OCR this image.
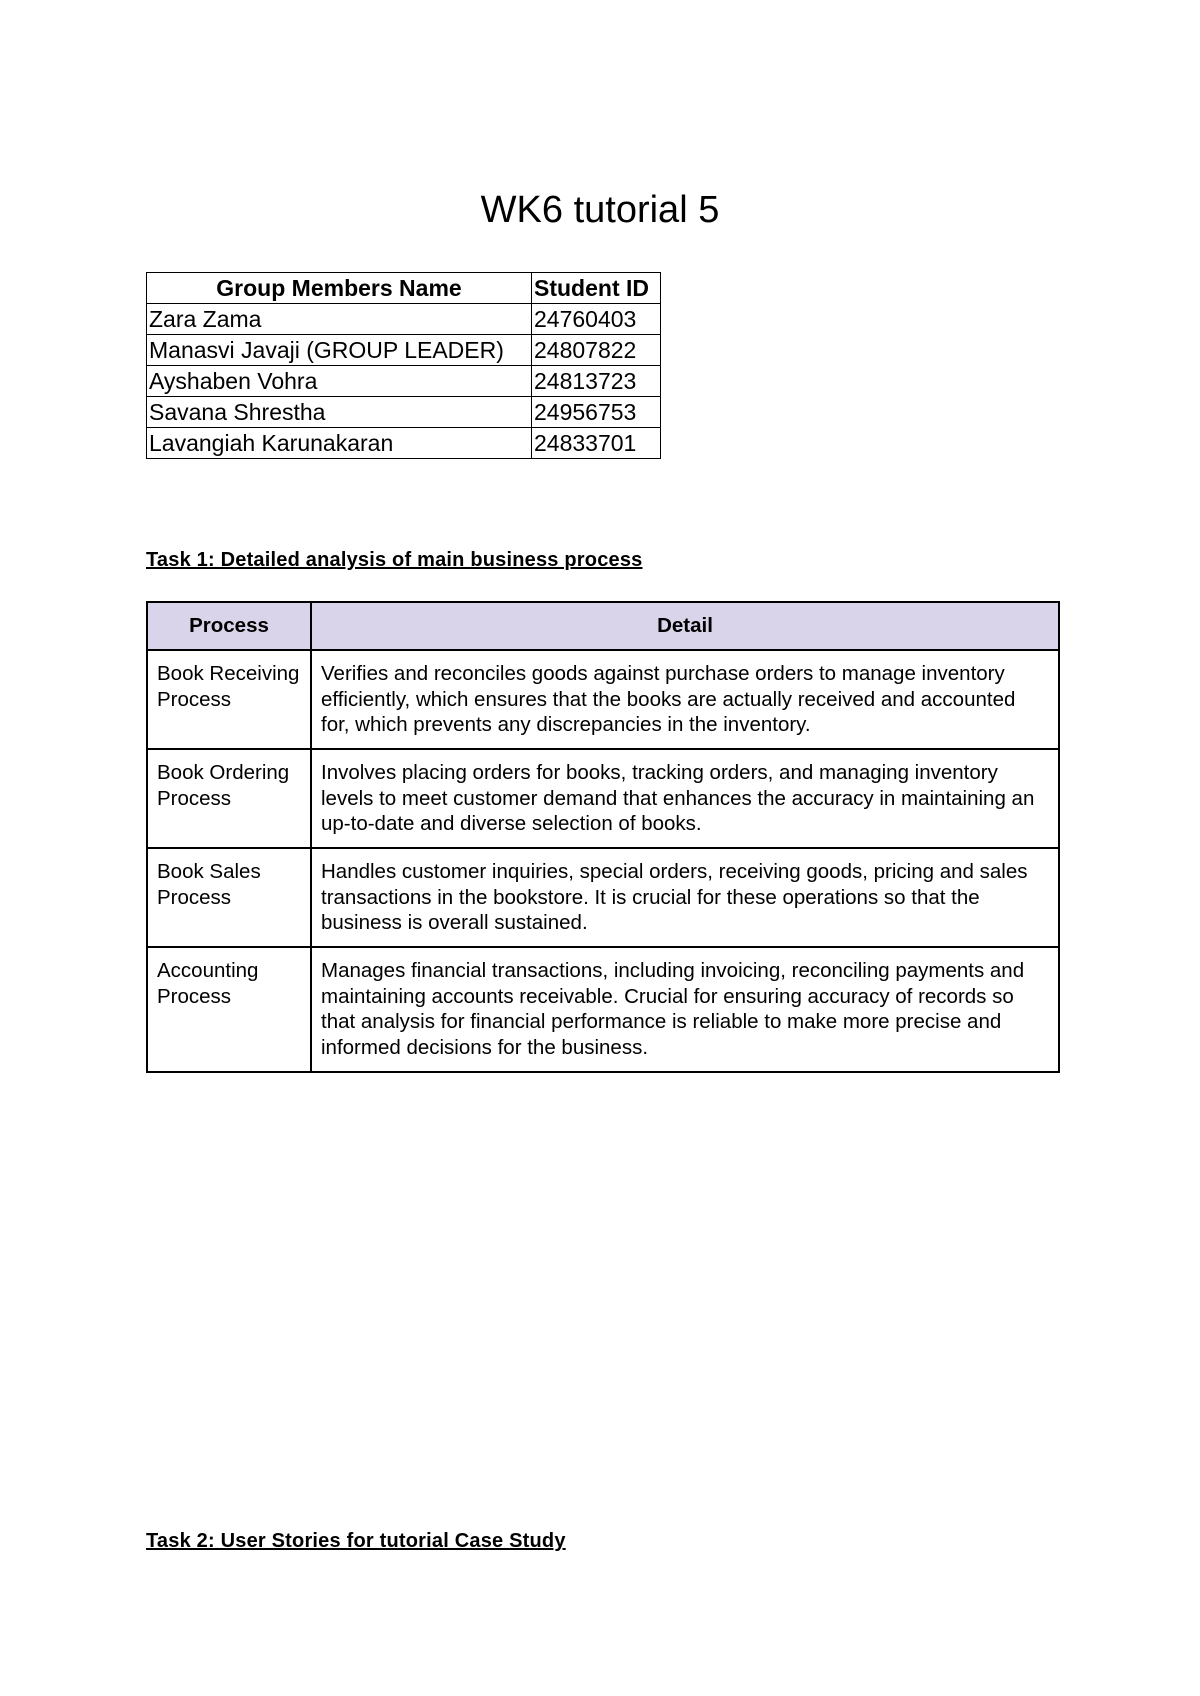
WK6 tutorial 5
Group Members Name	Student ID
Zara Zama	24760403
Manasvi Javaji (GROUP LEADER)	24807822
Ayshaben Vohra	24813723
Savana Shrestha	24956753
Lavangiah Karunakaran	24833701
Task 1: Detailed analysis of main business process
Process	Detail
Book Receiving Process	Verifies and reconciles goods against purchase orders to manage inventory efficiently, which ensures that the books are actually received and accounted for, which prevents any discrepancies in the inventory.
Book Ordering Process	Involves placing orders for books, tracking orders, and managing inventory levels to meet customer demand that enhances the accuracy in maintaining an up-to-date and diverse selection of books.
Book Sales Process	Handles customer inquiries, special orders, receiving goods, pricing and sales transactions in the bookstore. It is crucial for these operations so that the business is overall sustained.
Accounting Process	Manages financial transactions, including invoicing, reconciling payments and maintaining accounts receivable. Crucial for ensuring accuracy of records so that analysis for financial performance is reliable to make more precise and informed decisions for the business.
Task 2: User Stories for tutorial Case Study
